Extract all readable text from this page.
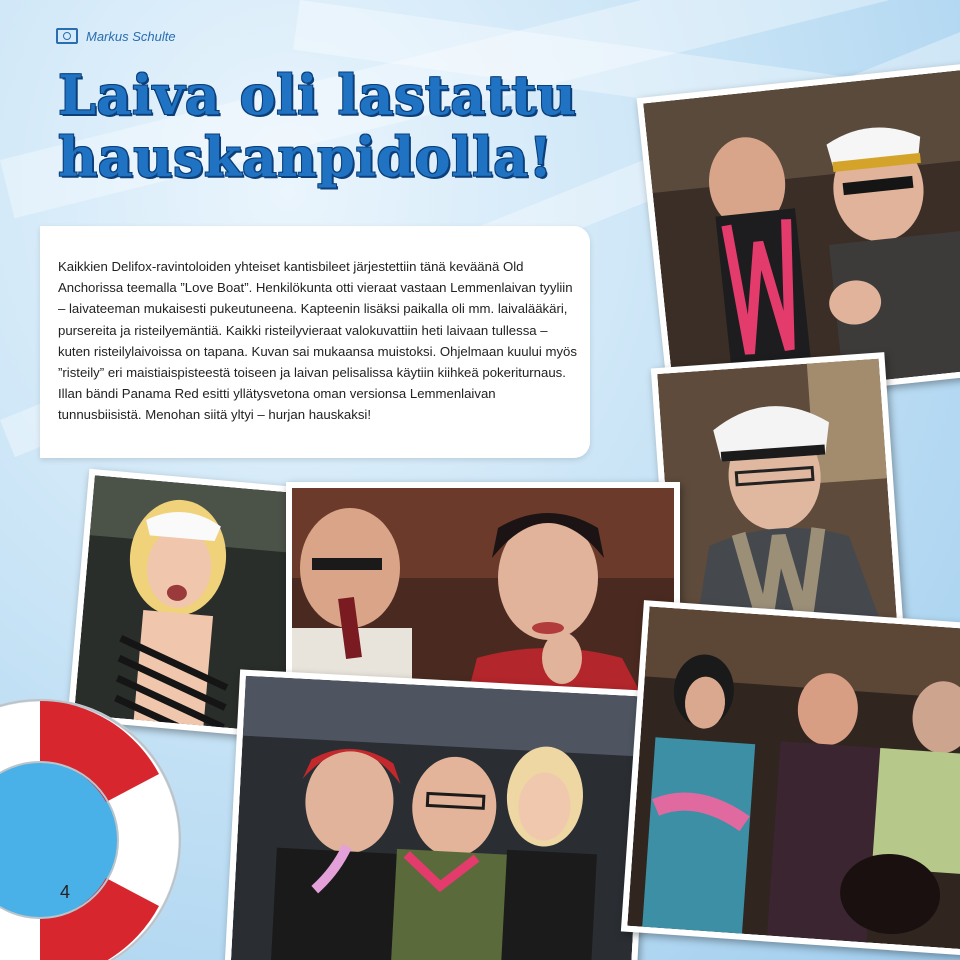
Markus Schulte
Laiva oli lastattu
hauskanpidolla!

Kaikkien Delifox-ravintoloiden yhteiset kantisbileet järjestettiin tänä keväänä Old Anchorissa teemalla ”Love Boat”. Henkilökunta otti vieraat vastaan Lemmenlaivan tyyliin – laivateeman mukaisesti pukeutuneena. Kapteenin lisäksi paikalla oli mm. laivalääkäri, pursereita ja risteilyemäntiä. Kaikki risteilyvieraat valokuvattiin heti laivaan tullessa – kuten risteilylaivoissa on tapana. Kuvan sai mukaansa muistoksi. Ohjelmaan kuului myös ”risteily” eri maistiaispisteestä toiseen ja laivan pelisalissa käytiin kiihkeä pokeriturnaus. Illan bändi Panama Red esitti yllätysvetona oman versionsa Lemmenlaivan tunnusbiisistä. Menohan siitä yltyi – hurjan hauskaksi!

4
